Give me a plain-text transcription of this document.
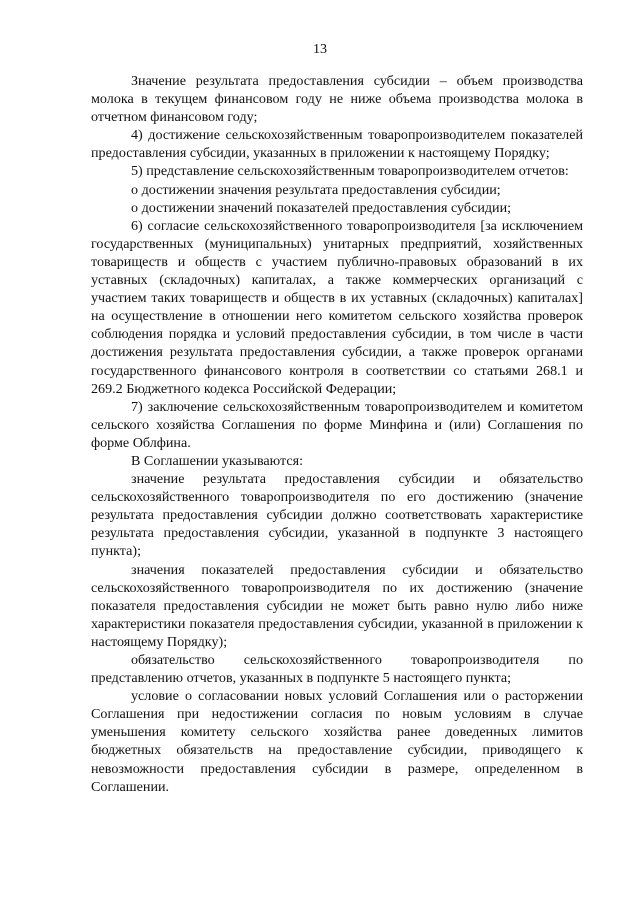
13

Значение результата предоставления субсидии – объем производства молока в текущем финансовом году не ниже объема производства молока в отчетном финансовом году;

4) достижение сельскохозяйственным товаропроизводителем показателей предоставления субсидии, указанных в приложении к настоящему Порядку;

5) представление сельскохозяйственным товаропроизводителем отчетов:

о достижении значения результата предоставления субсидии;

о достижении значений показателей предоставления субсидии;

6) согласие сельскохозяйственного товаропроизводителя [за исключением государственных (муниципальных) унитарных предприятий, хозяйственных товариществ и обществ с участием публично-правовых образований в их уставных (складочных) капиталах, а также коммерческих организаций с участием таких товариществ и обществ в их уставных (складочных) капиталах] на осуществление в отношении него комитетом сельского хозяйства проверок соблюдения порядка и условий предоставления субсидии, в том числе в части достижения результата предоставления субсидии, а также проверок органами государственного финансового контроля в соответствии со статьями 268.1 и 269.2 Бюджетного кодекса Российской Федерации;

7) заключение сельскохозяйственным товаропроизводителем и комитетом сельского хозяйства Соглашения по форме Минфина и (или) Соглашения по форме Облфина.

В Соглашении указываются:

значение результата предоставления субсидии и обязательство сельскохозяйственного товаропроизводителя по его достижению (значение результата предоставления субсидии должно соответствовать характеристике результата предоставления субсидии, указанной в подпункте 3 настоящего пункта);

значения показателей предоставления субсидии и обязательство сельскохозяйственного товаропроизводителя по их достижению (значение показателя предоставления субсидии не может быть равно нулю либо ниже характеристики показателя предоставления субсидии, указанной в приложении к настоящему Порядку);

обязательство сельскохозяйственного товаропроизводителя по представлению отчетов, указанных в подпункте 5 настоящего пункта;

условие о согласовании новых условий Соглашения или о расторжении Соглашения при недостижении согласия по новым условиям в случае уменьшения комитету сельского хозяйства ранее доведенных лимитов бюджетных обязательств на предоставление субсидии, приводящего к невозможности предоставления субсидии в размере, определенном в Соглашении.
